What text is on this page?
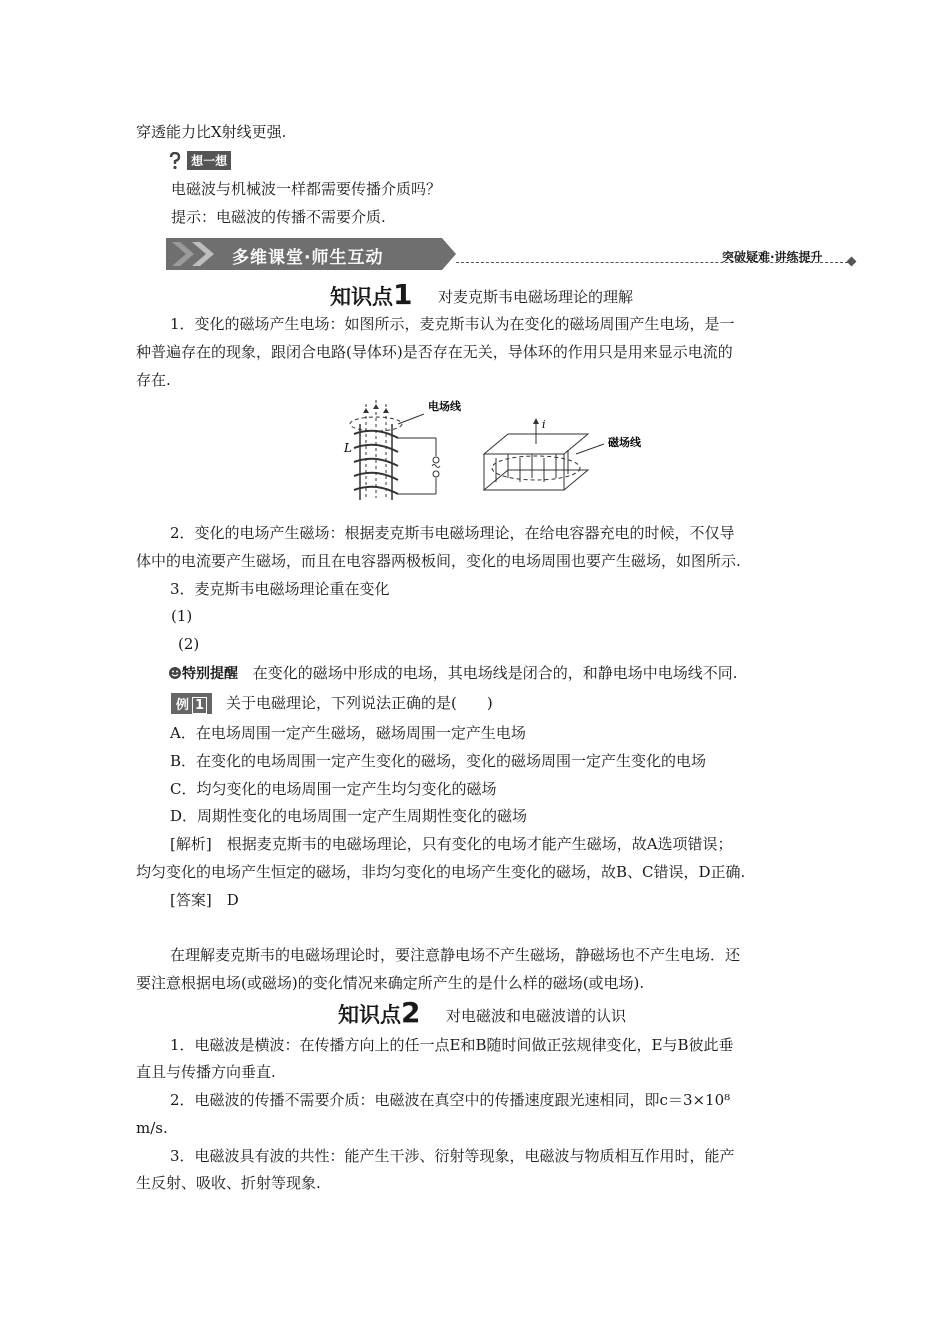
穿透能力比X射线更强.
想一想
电磁波与机械波一样都需要传播介质吗？
提示：电磁波的传播不需要介质.
多维课堂·师生互动	突破疑难·讲练提升
知识点1 对麦克斯韦电磁场理论的理解
1．变化的磁场产生电场：如图所示，麦克斯韦认为在变化的磁场周围产生电场，是一
种普遍存在的现象，跟闭合电路(导体环)是否存在无关，导体环的作用只是用来显示电流的
存在.
电场线
L
i
磁场线
2．变化的电场产生磁场：根据麦克斯韦电磁场理论，在给电容器充电的时候，不仅导
体中的电流要产生磁场，而且在电容器两极板间，变化的电场周围也要产生磁场，如图所示.
3．麦克斯韦电磁场理论重在变化
(1)
(2)
特别提醒 在变化的磁场中形成的电场，其电场线是闭合的，和静电场中电场线不同.
例 1	关于电磁理论，下列说法正确的是(　　)
A．在电场周围一定产生磁场，磁场周围一定产生电场
B．在变化的电场周围一定产生变化的磁场，变化的磁场周围一定产生变化的电场
C．均匀变化的电场周围一定产生均匀变化的磁场
D．周期性变化的电场周围一定产生周期性变化的磁场
[解析]　根据麦克斯韦的电磁场理论，只有变化的电场才能产生磁场，故A选项错误；
均匀变化的电场产生恒定的磁场，非均匀变化的电场产生变化的磁场，故B、C错误，D正确.
[答案]　D
在理解麦克斯韦的电磁场理论时，要注意静电场不产生磁场，静磁场也不产生电场．还
要注意根据电场(或磁场)的变化情况来确定所产生的是什么样的磁场(或电场).
知识点2 对电磁波和电磁波谱的认识
1．电磁波是横波：在传播方向上的任一点E和B随时间做正弦规律变化，E与B彼此垂
直且与传播方向垂直.
2．电磁波的传播不需要介质：电磁波在真空中的传播速度跟光速相同，即c＝3×10⁸
m/s.
3．电磁波具有波的共性：能产生干涉、衍射等现象，电磁波与物质相互作用时，能产
生反射、吸收、折射等现象.
